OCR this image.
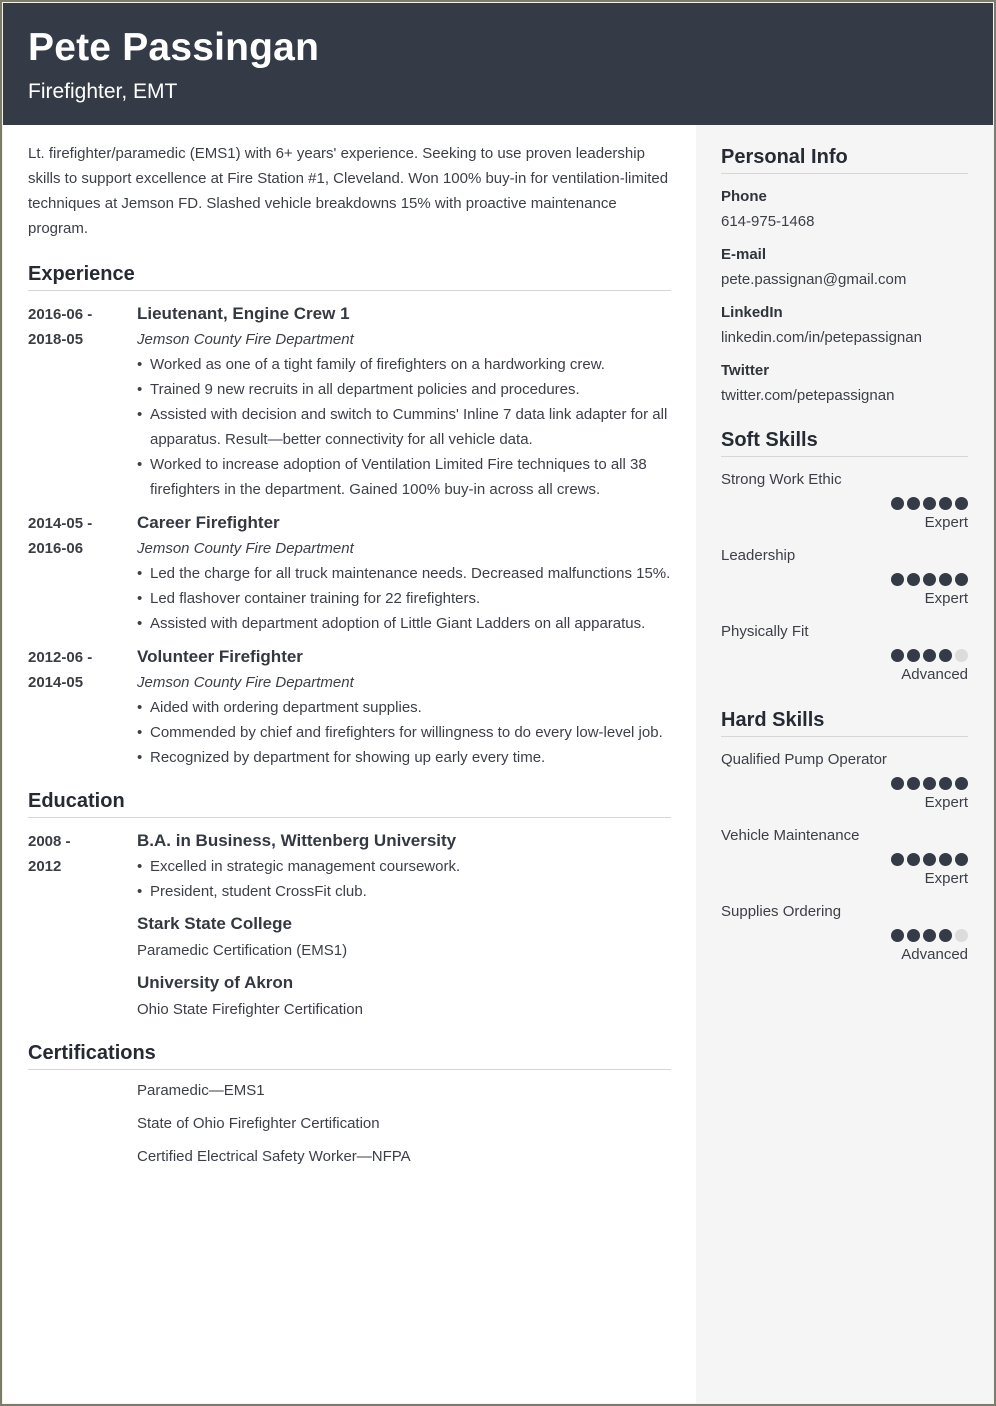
Pete Passingan
Firefighter, EMT

Lt. firefighter/paramedic (EMS1) with 6+ years' experience. Seeking to use proven leadership skills to support excellence at Fire Station #1, Cleveland. Won 100% buy-in for ventilation-limited techniques at Jemson FD. Slashed vehicle breakdowns 15% with proactive maintenance program.

Experience
2016-06 -
2018-05
Lieutenant, Engine Crew 1
Jemson County Fire Department
• Worked as one of a tight family of firefighters on a hardworking crew.
• Trained 9 new recruits in all department policies and procedures.
• Assisted with decision and switch to Cummins' Inline 7 data link adapter for all apparatus. Result—better connectivity for all vehicle data.
• Worked to increase adoption of Ventilation Limited Fire techniques to all 38 firefighters in the department. Gained 100% buy-in across all crews.
2014-05 -
2016-06
Career Firefighter
Jemson County Fire Department
• Led the charge for all truck maintenance needs. Decreased malfunctions 15%.
• Led flashover container training for 22 firefighters.
• Assisted with department adoption of Little Giant Ladders on all apparatus.
2012-06 -
2014-05
Volunteer Firefighter
Jemson County Fire Department
• Aided with ordering department supplies.
• Commended by chief and firefighters for willingness to do every low-level job.
• Recognized by department for showing up early every time.
Education
2008 -
2012
B.A. in Business, Wittenberg University
• Excelled in strategic management coursework.
• President, student CrossFit club.
Stark State College
Paramedic Certification (EMS1)
University of Akron
Ohio State Firefighter Certification
Certifications
Paramedic—EMS1
State of Ohio Firefighter Certification
Certified Electrical Safety Worker—NFPA
Personal Info
Phone
614-975-1468
E-mail
pete.passignan@gmail.com
LinkedIn
linkedin.com/in/petepassignan
Twitter
twitter.com/petepassignan
Soft Skills
Strong Work Ethic
Expert
Leadership
Expert
Physically Fit
Advanced
Hard Skills
Qualified Pump Operator
Expert
Vehicle Maintenance
Expert
Supplies Ordering
Advanced
